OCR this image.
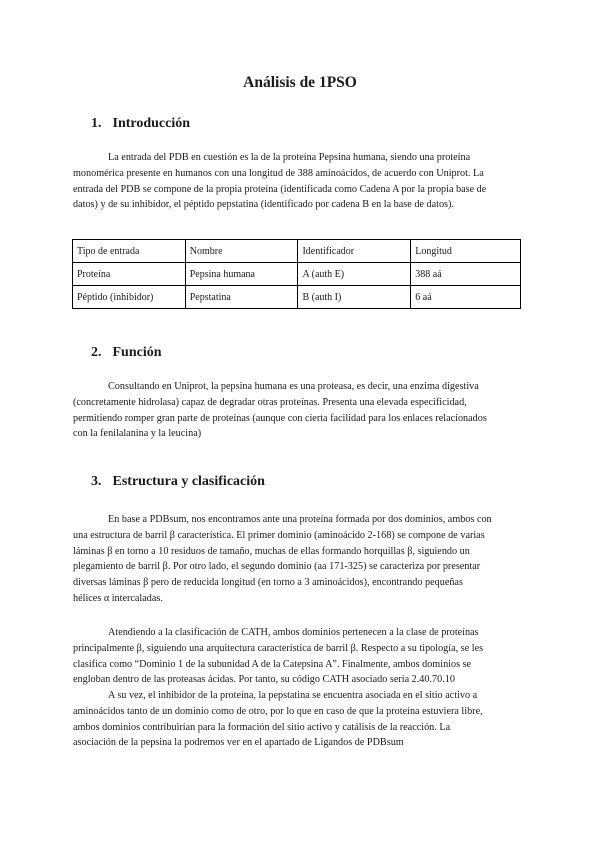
Análisis de 1PSO
1. Introducción

La entrada del PDB en cuestión es la de la proteína Pepsina humana, siendo una proteína
monomérica presente en humanos con una longitud de 388 aminoácidos, de acuerdo con Uniprot. La
entrada del PDB se compone de la propia proteína (identificada como Cadena A por la propia base de
datos) y de su inhibidor, el péptido pepstatina (identificado por cadena B en la base de datos).

Tipo de entrada	Nombre	Identificador	Longitud
Proteína	Pepsina humana	A (auth E)	388 aá
Péptido (inhibidor)	Pepstatina	B (auth I)	6 aá
2. Función

Consultando en Uniprot, la pepsina humana es una proteasa, es decir, una enzima digestiva
(concretamente hidrolasa) capaz de degradar otras proteínas. Presenta una elevada especificidad,
permitiendo romper gran parte de proteínas (aunque con cierta facilidad para los enlaces relacionados
con la fenilalanina y la leucina)

3. Estructura y clasificación

En base a PDBsum, nos encontramos ante una proteína formada por dos dominios, ambos con
una estructura de barril β característica. El primer dominio (aminoácido 2-168) se compone de varias
láminas β en torno a 10 residuos de tamaño, muchas de ellas formando horquillas β, siguiendo un
plegamiento de barril β. Por otro lado, el segundo dominio (aa 171-325) se caracteriza por presentar
diversas láminas β pero de reducida longitud (en torno a 3 aminoácidos), encontrando pequeñas
hélices α intercaladas.

Atendiendo a la clasificación de CATH, ambos dominios pertenecen a la clase de proteínas
principalmente β, siguiendo una arquitectura característica de barril β. Respecto a su tipología, se les
clasifica como “Dominio 1 de la subunidad A de la Catepsina A”. Finalmente, ambos dominios se
engloban dentro de las proteasas ácidas. Por tanto, su código CATH asociado sería 2.40.70.10

A su vez, el inhibidor de la proteína, la pepstatina se encuentra asociada en el sitio activo a
aminoácidos tanto de un dominio como de otro, por lo que en caso de que la proteína estuviera libre,
ambos dominios contribuirían para la formación del sitio activo y catálisis de la reacción. La
asociación de la pepsina la podremos ver en el apartado de Ligandos de PDBsum
